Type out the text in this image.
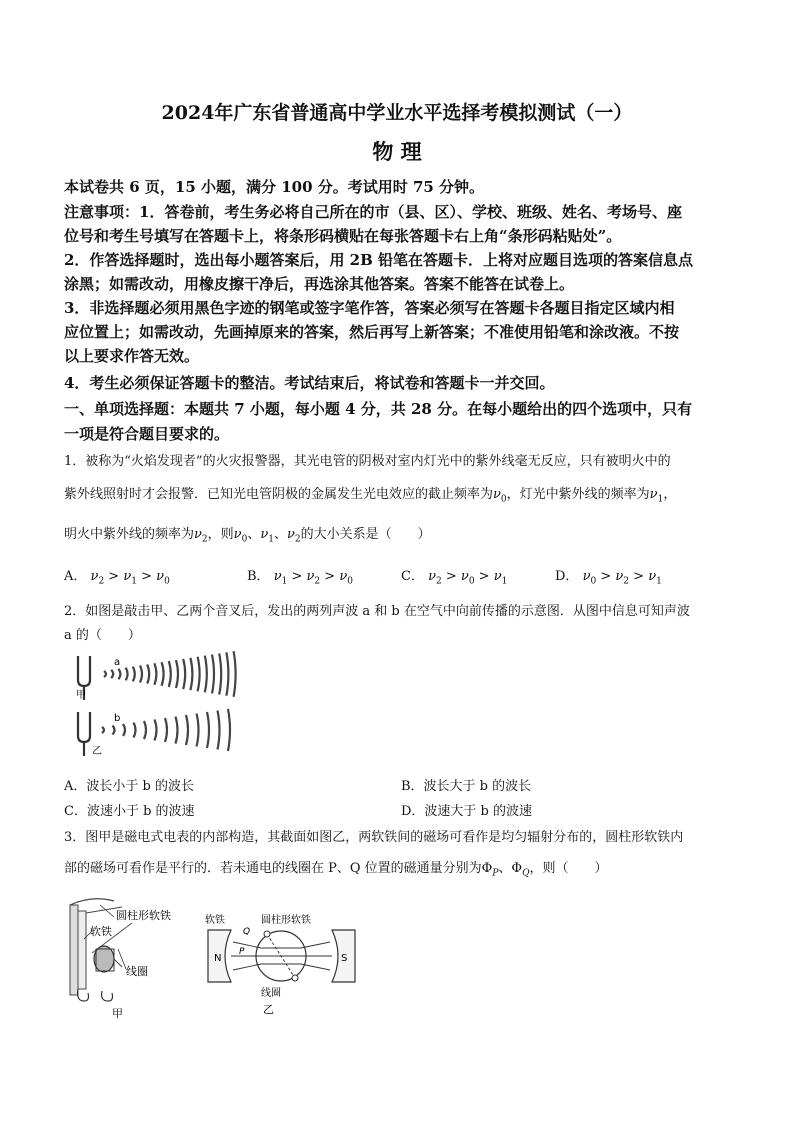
2024年广东省普通高中学业水平选择考模拟测试（一）
物 理
本试卷共 6 页，15 小题，满分 100 分。考试用时 75 分钟。
注意事项：1．答卷前，考生务必将自己所在的市（县、区）、学校、班级、姓名、考场号、座
位号和考生号填写在答题卡上，将条形码横贴在每张答题卡右上角“条形码粘贴处”。
2．作答选择题时，选出每小题答案后，用 2B 铅笔在答题卡．上将对应题目选项的答案信息点
涂黑；如需改动，用橡皮擦干净后，再选涂其他答案。答案不能答在试卷上。
3．非选择题必须用黑色字迹的钢笔或签字笔作答，答案必须写在答题卡各题目指定区域内相
应位置上；如需改动，先画掉原来的答案，然后再写上新答案；不准使用铅笔和涂改液。不按
以上要求作答无效。
4．考生必须保证答题卡的整洁。考试结束后，将试卷和答题卡一并交回。
一、单项选择题：本题共 7 小题，每小题 4 分，共 28 分。在每小题给出的四个选项中，只有
一项是符合题目要求的。
1．被称为“火焰发现者”的火灾报警器，其光电管的阴极对室内灯光中的紫外线毫无反应，只有被明火中的
紫外线照射时才会报警．已知光电管阴极的金属发生光电效应的截止频率为$\nu_0$，灯光中紫外线的频率为$\nu_1$，
明火中紫外线的频率为$\nu_2$，则$\nu_0$、$\nu_1$、$\nu_2$的大小关系是（　　）
A． $\nu_2 > \nu_1 > \nu_0$	B． $\nu_1 > \nu_2 > \nu_0$	C． $\nu_2 > \nu_0 > \nu_1$	D． $\nu_0 > \nu_2 > \nu_1$
2．如图是敲击甲、乙两个音叉后，发出的两列声波 a 和 b 在空气中向前传播的示意图．从图中信息可知声波
a 的（　　）
甲
a
乙
b
A．波长小于 b 的波长	B．波长大于 b 的波长
C．波速小于 b 的波速	D．波速大于 b 的波速
3．图甲是磁电式电表的内部构造，其截面如图乙，两软铁间的磁场可看作是均匀辐射分布的，圆柱形软铁内
部的磁场可看作是平行的．若未通电的线圈在 P、Q 位置的磁通量分别为$\Phi_P$、$\Phi_Q$，则（　　）
圆柱形软铁
软铁
线圈
甲
N	S
软铁	圆柱形软铁
Q
P
线圈
乙
